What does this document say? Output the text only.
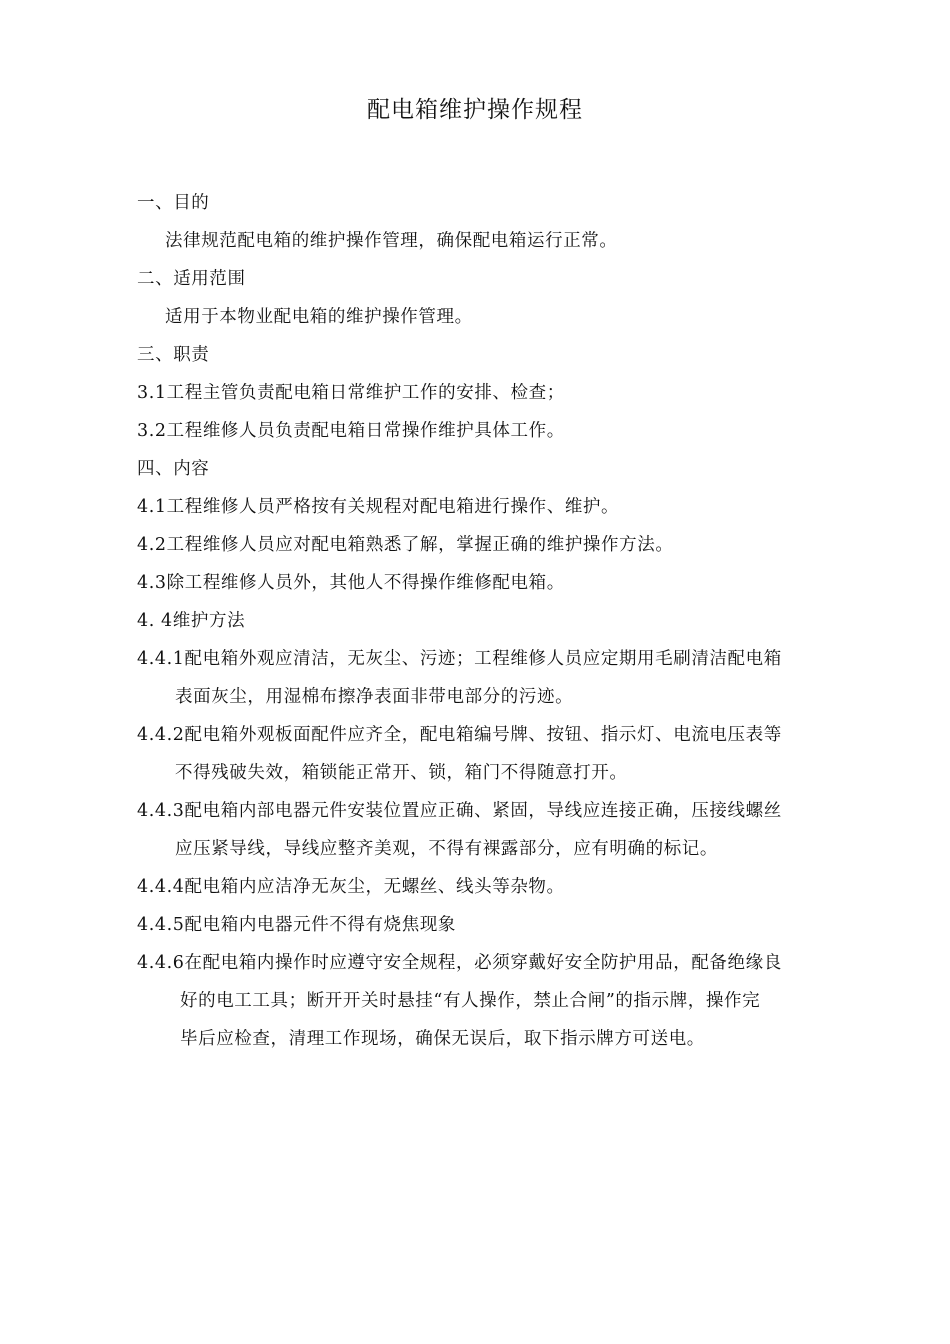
配电箱维护操作规程
一、目的
法律规范配电箱的维护操作管理，确保配电箱运行正常。
二、适用范围
适用于本物业配电箱的维护操作管理。
三、职责
3.1工程主管负责配电箱日常维护工作的安排、检查；
3.2工程维修人员负责配电箱日常操作维护具体工作。
四、内容
4.1工程维修人员严格按有关规程对配电箱进行操作、维护。
4.2工程维修人员应对配电箱熟悉了解，掌握正确的维护操作方法。
4.3除工程维修人员外，其他人不得操作维修配电箱。
4. 4维护方法
4.4.1配电箱外观应清洁，无灰尘、污迹；工程维修人员应定期用毛刷清洁配电箱
表面灰尘，用湿棉布擦净表面非带电部分的污迹。
4.4.2配电箱外观板面配件应齐全，配电箱编号牌、按钮、指示灯、电流电压表等
不得残破失效，箱锁能正常开、锁，箱门不得随意打开。
4.4.3配电箱内部电器元件安装位置应正确、紧固，导线应连接正确，压接线螺丝
应压紧导线，导线应整齐美观，不得有裸露部分，应有明确的标记。
4.4.4配电箱内应洁净无灰尘，无螺丝、线头等杂物。
4.4.5配电箱内电器元件不得有烧焦现象
4.4.6在配电箱内操作时应遵守安全规程，必须穿戴好安全防护用品，配备绝缘良
好的电工工具；断开开关时悬挂“有人操作，禁止合闸”的指示牌，操作完
毕后应检查，清理工作现场，确保无误后，取下指示牌方可送电。
